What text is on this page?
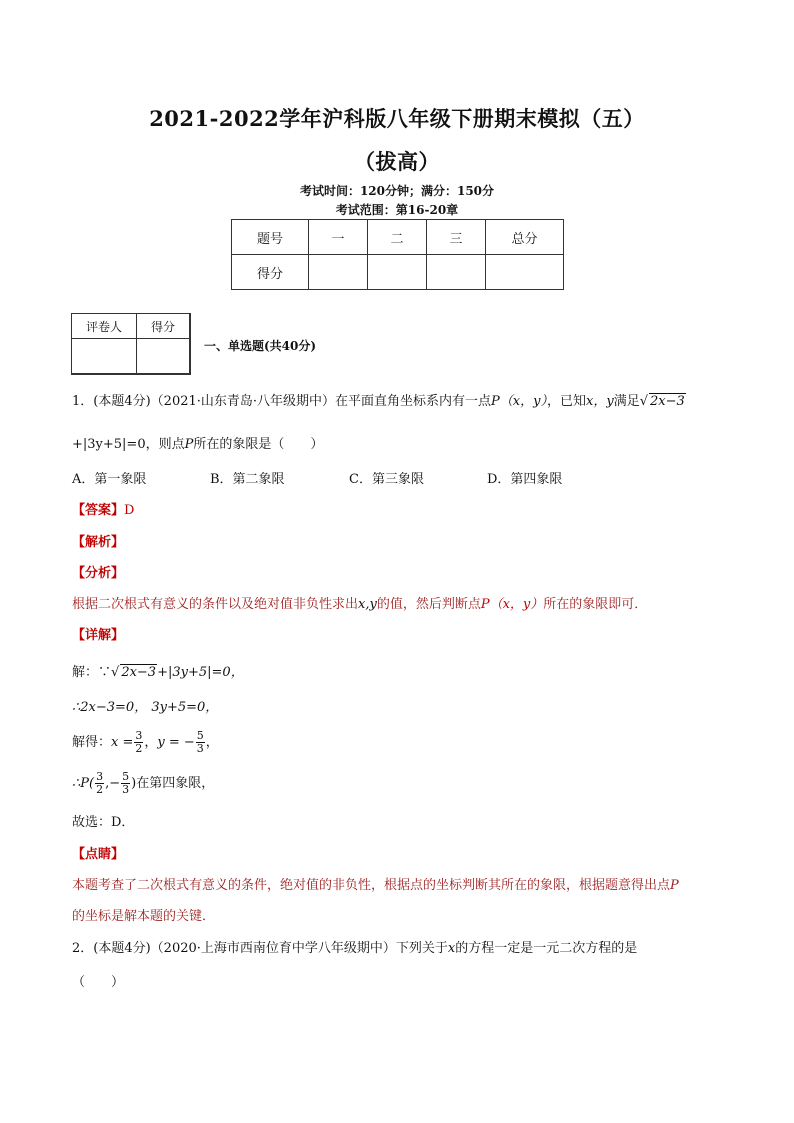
2021-2022学年沪科版八年级下册期末模拟（五）
（拔高）
考试时间：120分钟；满分：150分
考试范围：第16-20章
题号	一	二	三	总分
得分				
评卷人	得分

一、单选题(共40分)
1．(本题4分)（2021·山东青岛·八年级期中）在平面直角坐标系内有一点P（x，y），已知x，y满足√ 2x−3
+|3y+5|=0，则点P所在的象限是（　　）
A．第一象限	B．第二象限	C．第三象限	D．第四象限
【答案】D
【解析】
【分析】
根据二次根式有意义的条件以及绝对值非负性求出x,y的值，然后判断点P（x，y）所在的象限即可．
【详解】
解：∵√ 2x−3+|3y+5|=0，
∴2x−3=0， 3y+5=0，
解得：$x = \frac{3}{2}$ ，y = − $\frac{5}{3}$ ，
∴P( $\frac{3}{2}$ ,− $\frac{5}{3}$ )在第四象限，
故选：D．
【点睛】
本题考查了二次根式有意义的条件，绝对值的非负性，根据点的坐标判断其所在的象限，根据题意得出点P
的坐标是解本题的关键．
2．(本题4分)（2020·上海市西南位育中学八年级期中）下列关于x的方程一定是一元二次方程的是
（　　）
